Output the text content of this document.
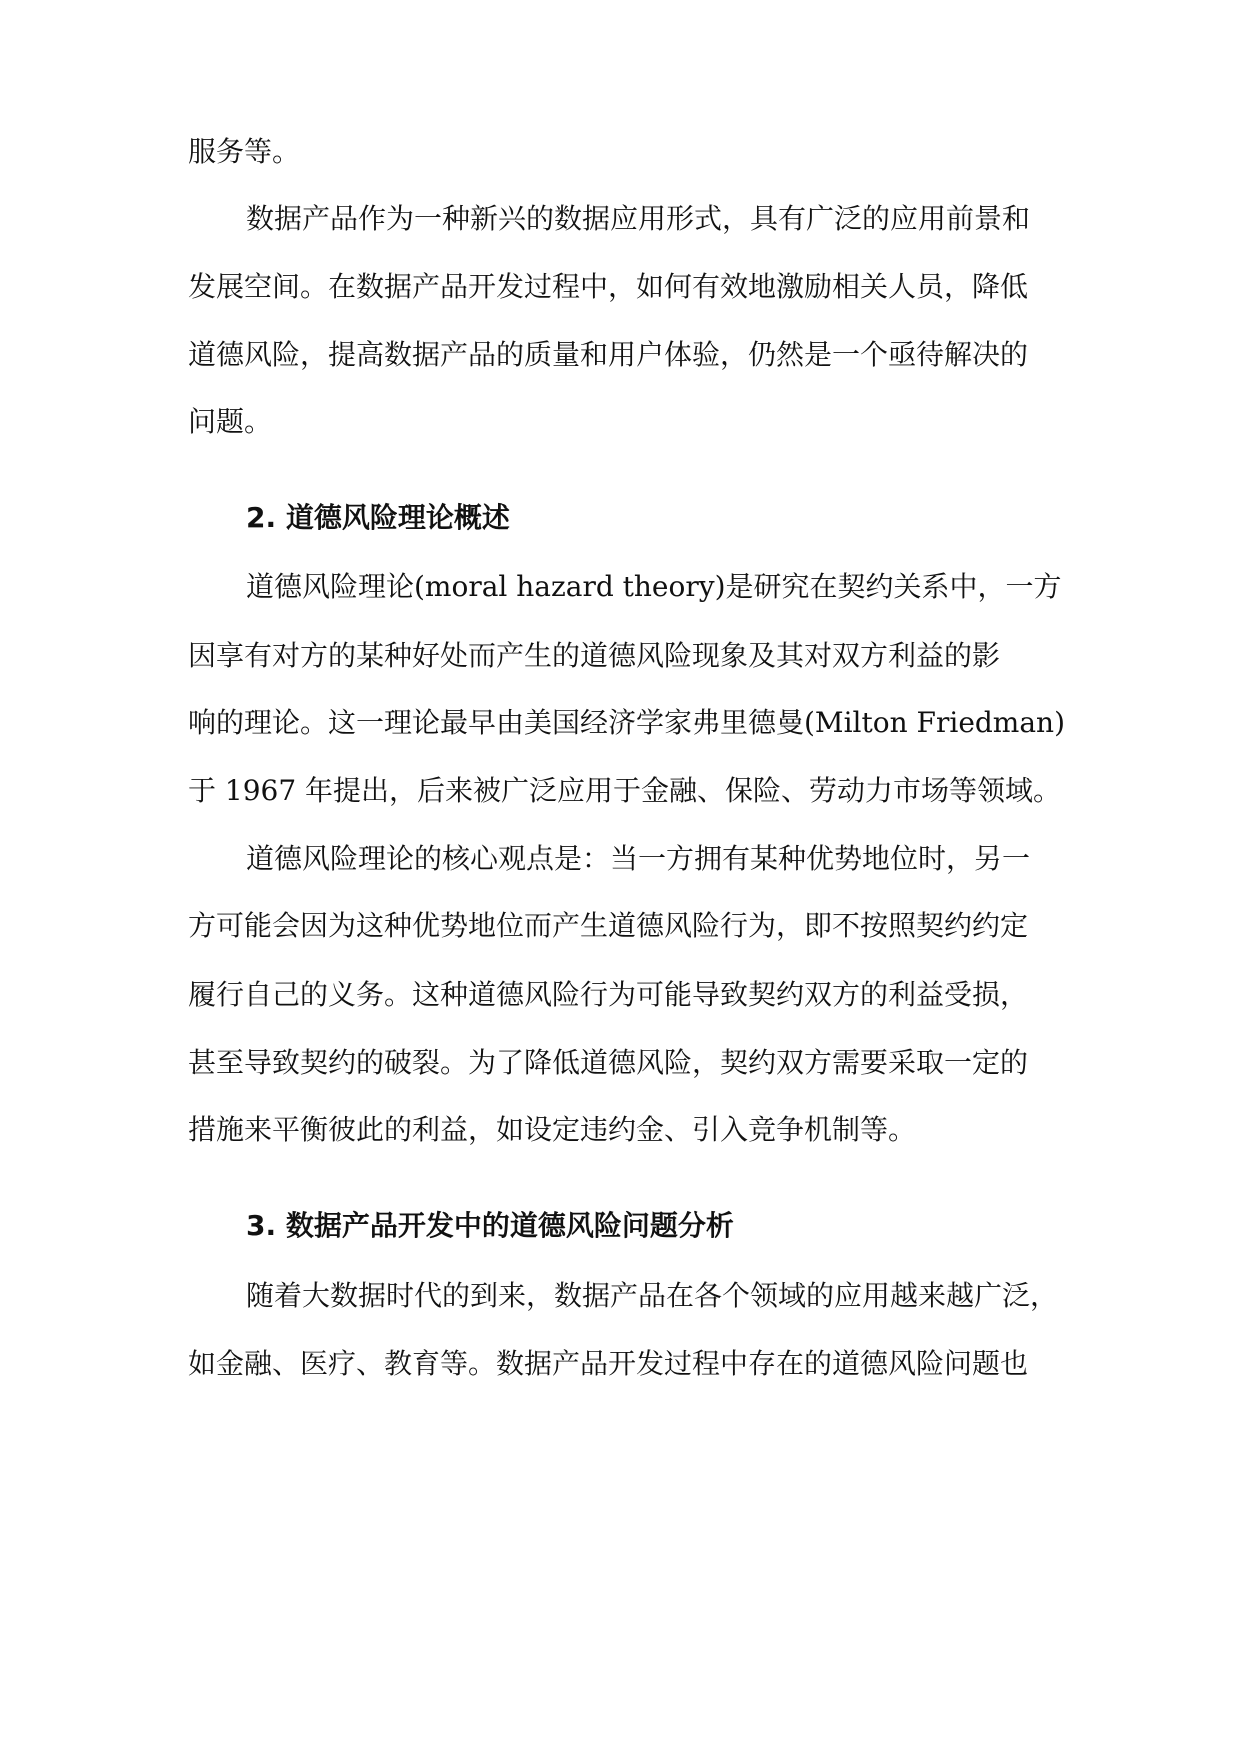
服务等。
数据产品作为一种新兴的数据应用形式，具有广泛的应用前景和
发展空间。在数据产品开发过程中，如何有效地激励相关人员，降低
道德风险，提高数据产品的质量和用户体验，仍然是一个亟待解决的
问题。
2. 道德风险理论概述
道德风险理论(moral hazard theory)是研究在契约关系中，一方
因享有对方的某种好处而产生的道德风险现象及其对双方利益的影
响的理论。这一理论最早由美国经济学家弗里德曼(Milton Friedman)
于 1967 年提出，后来被广泛应用于金融、保险、劳动力市场等领域。
道德风险理论的核心观点是：当一方拥有某种优势地位时，另一
方可能会因为这种优势地位而产生道德风险行为，即不按照契约约定
履行自己的义务。这种道德风险行为可能导致契约双方的利益受损，
甚至导致契约的破裂。为了降低道德风险，契约双方需要采取一定的
措施来平衡彼此的利益，如设定违约金、引入竞争机制等。
3. 数据产品开发中的道德风险问题分析
随着大数据时代的到来，数据产品在各个领域的应用越来越广泛，
如金融、医疗、教育等。数据产品开发过程中存在的道德风险问题也
